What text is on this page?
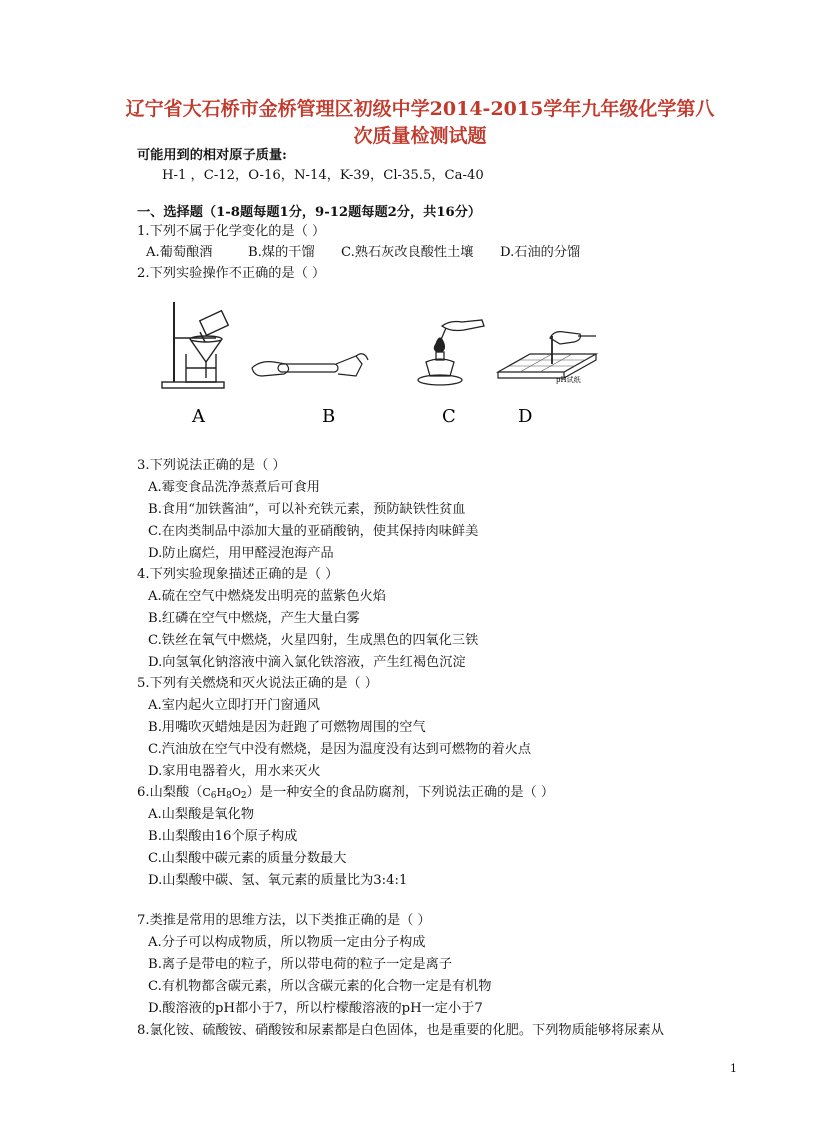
辽宁省大石桥市金桥管理区初级中学2014-2015学年九年级化学第八
次质量检测试题
可能用到的相对原子质量:
H-1 ，C-12，O-16，N-14，K-39，Cl-35.5，Ca-40
一、选择题（1-8题每题1分，9-12题每题2分，共16分）
1.下列不属于化学变化的是（ ）
A.葡萄酿酒	B.煤的干馏 C.熟石灰改良酸性土壤 D.石油的分馏
2.下列实验操作不正确的是（ ）
pH试纸
A	B	C	D
3.下列说法正确的是（ ）
A.霉变食品洗净蒸煮后可食用
B.食用“加铁酱油”，可以补充铁元素，预防缺铁性贫血
C.在肉类制品中添加大量的亚硝酸钠，使其保持肉味鲜美
D.防止腐烂，用甲醛浸泡海产品
4.下列实验现象描述正确的是（ ）
A.硫在空气中燃烧发出明亮的蓝紫色火焰
B.红磷在空气中燃烧，产生大量白雾
C.铁丝在氧气中燃烧，火星四射，生成黑色的四氧化三铁
D.向氢氧化钠溶液中滴入氯化铁溶液，产生红褐色沉淀
5.下列有关燃烧和灭火说法正确的是（ ）
A.室内起火立即打开门窗通风
B.用嘴吹灭蜡烛是因为赶跑了可燃物周围的空气
C.汽油放在空气中没有燃烧，是因为温度没有达到可燃物的着火点
D.家用电器着火，用水来灭火
6.山梨酸$(C_6H_8O_2)$是一种安全的食品防腐剂，下列说法正确的是（ ）
A.山梨酸是氧化物
B.山梨酸由16个原子构成
C.山梨酸中碳元素的质量分数最大
D.山梨酸中碳、氢、氧元素的质量比为3:4:1
7.类推是常用的思维方法，以下类推正确的是（ ）
A.分子可以构成物质，所以物质一定由分子构成
B.离子是带电的粒子，所以带电荷的粒子一定是离子
C.有机物都含碳元素，所以含碳元素的化合物一定是有机物
D.酸溶液的pH都小于7，所以柠檬酸溶液的pH一定小于7
8.氯化铵、硫酸铵、硝酸铵和尿素都是白色固体，也是重要的化肥。下列物质能够将尿素从
1
